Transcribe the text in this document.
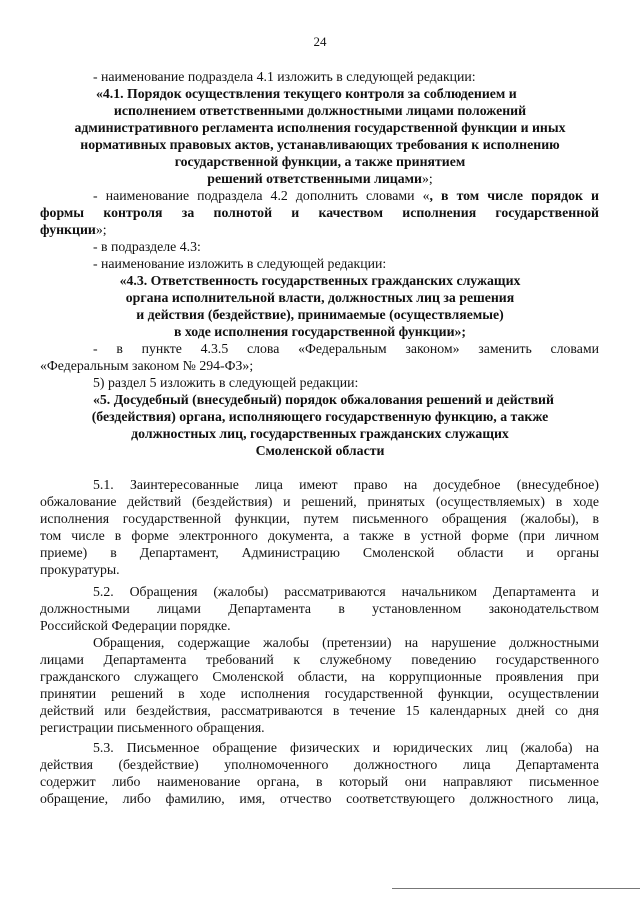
24
- наименование подраздела 4.1 изложить в следующей редакции:
«4.1. Порядок осуществления текущего контроля за соблюдением и
исполнением ответственными должностными лицами положений
административного регламента исполнения государственной функции и иных
нормативных правовых актов, устанавливающих требования к исполнению
государственной функции, а также принятием
решений ответственными лицами»;
- наименование подраздела 4.2 дополнить словами «, в том числе порядок и
формы контроля за полнотой и качеством исполнения государственной
функции»;
- в подразделе 4.3:
- наименование изложить в следующей редакции:
«4.3. Ответственность государственных гражданских служащих
органа исполнительной власти, должностных лиц за решения
и действия (бездействие), принимаемые (осуществляемые)
в ходе исполнения государственной функции»;
- в пункте 4.3.5 слова «Федеральным законом» заменить словами
«Федеральным законом № 294-ФЗ»;
5) раздел 5 изложить в следующей редакции:
«5. Досудебный (внесудебный) порядок обжалования решений и действий
(бездействия) органа, исполняющего государственную функцию, а также
должностных лиц, государственных гражданских служащих
Смоленской области
5.1. Заинтересованные лица имеют право на досудебное (внесудебное)
обжалование действий (бездействия) и решений, принятых (осуществляемых) в ходе
исполнения государственной функции, путем письменного обращения (жалобы), в
том числе в форме электронного документа, а также в устной форме (при личном
приеме) в Департамент, Администрацию Смоленской области и органы
прокуратуры.
5.2. Обращения (жалобы) рассматриваются начальником Департамента и
должностными лицами Департамента в установленном законодательством
Российской Федерации порядке.
Обращения, содержащие жалобы (претензии) на нарушение должностными
лицами Департамента требований к служебному поведению государственного
гражданского служащего Смоленской области, на коррупционные проявления при
принятии решений в ходе исполнения государственной функции, осуществлении
действий или бездействия, рассматриваются в течение 15 календарных дней со дня
регистрации письменного обращения.
5.3. Письменное обращение физических и юридических лиц (жалоба) на
действия (бездействие) уполномоченного должностного лица Департамента
содержит либо наименование органа, в который они направляют письменное
обращение, либо фамилию, имя, отчество соответствующего должностного лица,
